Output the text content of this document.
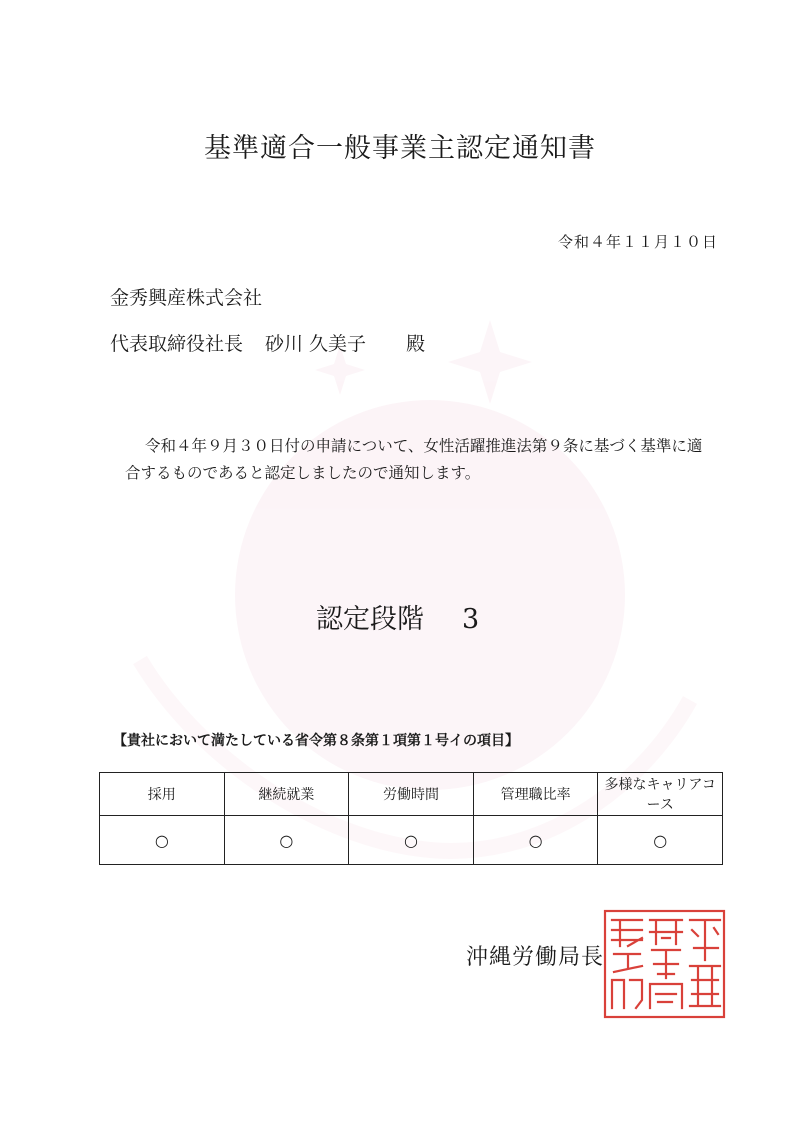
基準適合一般事業主認定通知書
令和４年１１月１０日
金秀興産株式会社
代表取締役社長 砂川 久美子 殿
令和４年９月３０日付の申請について、女性活躍推進法第９条に基づく基準に適合するものであると認定しましたので通知します。
認定段階 3
【貴社において満たしている省令第８条第１項第１号イの項目】
採用	継続就業	労働時間	管理職比率	多様なキャリアコース
○	○	○	○	○
沖縄労働局長
